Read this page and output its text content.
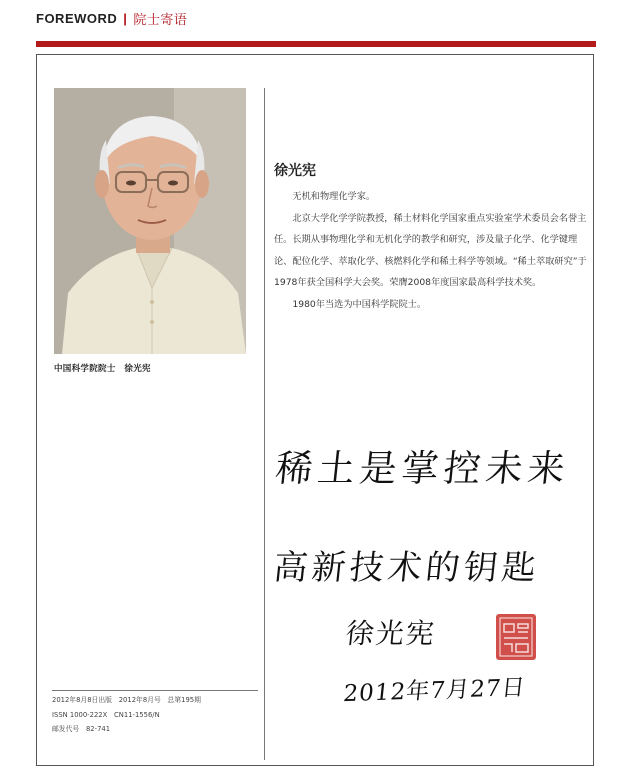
FOREWORD | 院士寄语
中国科学院院士　徐光宪
徐光宪

无机和物理化学家。

北京大学化学学院教授，稀土材料化学国家重点实验室学术委员会名誉主任。长期从事物理化学和无机化学的教学和研究，涉及量子化学、化学键理论、配位化学、萃取化学、核燃料化学和稀土科学等领域。“稀土萃取研究”于1978年获全国科学大会奖。荣膺2008年度国家最高科学技术奖。

1980年当选为中国科学院院士。

稀土是掌控未来
高新技术的钥匙
徐光宪
2012年7月27日
2012年8月8日出版　2012年8月号　总第195期
ISSN 1000-222X　CN11-1556/N
邮发代号　82-741
